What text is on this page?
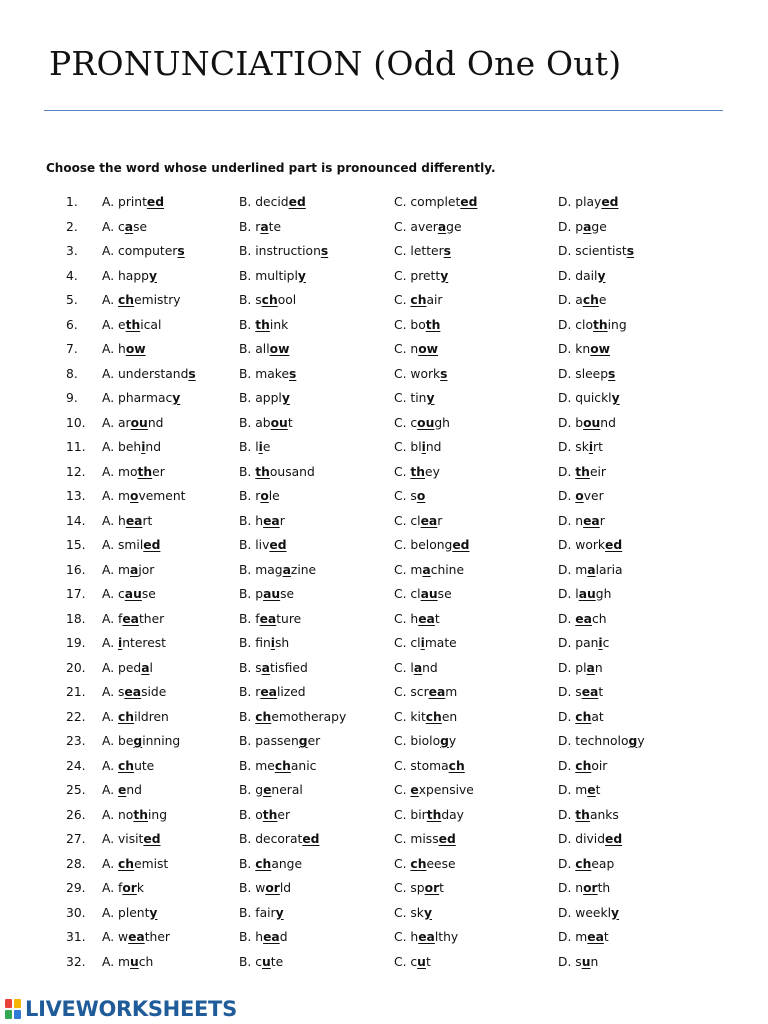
PRONUNCIATION (Odd One Out)
Choose the word whose underlined part is pronounced differently.
1. A. printed	B. decided	C. completed	D. played
2. A. case	B. rate	C. average	D. page
3. A. computers	B. instructions	C. letters	D. scientists
4. A. happy	B. multiply	C. pretty	D. daily
5. A. chemistry	B. school	C. chair	D. ache
6. A. ethical	B. think	C. both	D. clothing
7. A. how	B. allow	C. now	D. know
8. A. understands	B. makes	C. works	D. sleeps
9. A. pharmacy	B. apply	C. tiny	D. quickly
10. A. around	B. about	C. cough	D. bound
11. A. behind	B. lie	C. blind	D. skirt
12. A. mother	B. thousand	C. they	D. their
13. A. movement	B. role	C. so	D. over
14. A. heart	B. hear	C. clear	D. near
15. A. smiled	B. lived	C. belonged	D. worked
16. A. major	B. magazine	C. machine	D. malaria
17. A. cause	B. pause	C. clause	D. laugh
18. A. feather	B. feature	C. heat	D. each
19. A. interest	B. finish	C. climate	D. panic
20. A. pedal	B. satisfied	C. land	D. plan
21. A. seaside	B. realized	C. scream	D. seat
22. A. children	B. chemotherapy	C. kitchen	D. chat
23. A. beginning	B. passenger	C. biology	D. technology
24. A. chute	B. mechanic	C. stomach	D. choir
25. A. end	B. general	C. expensive	D. met
26. A. nothing	B. other	C. birthday	D. thanks
27. A. visited	B. decorated	C. missed	D. divided
28. A. chemist	B. change	C. cheese	D. cheap
29. A. fork	B. world	C. sport	D. north
30. A. plenty	B. fairy	C. sky	D. weekly
31. A. weather	B. head	C. healthy	D. meat
32. A. much	B. cute	C. cut	D. sun
LIVEWORKSHEETS
